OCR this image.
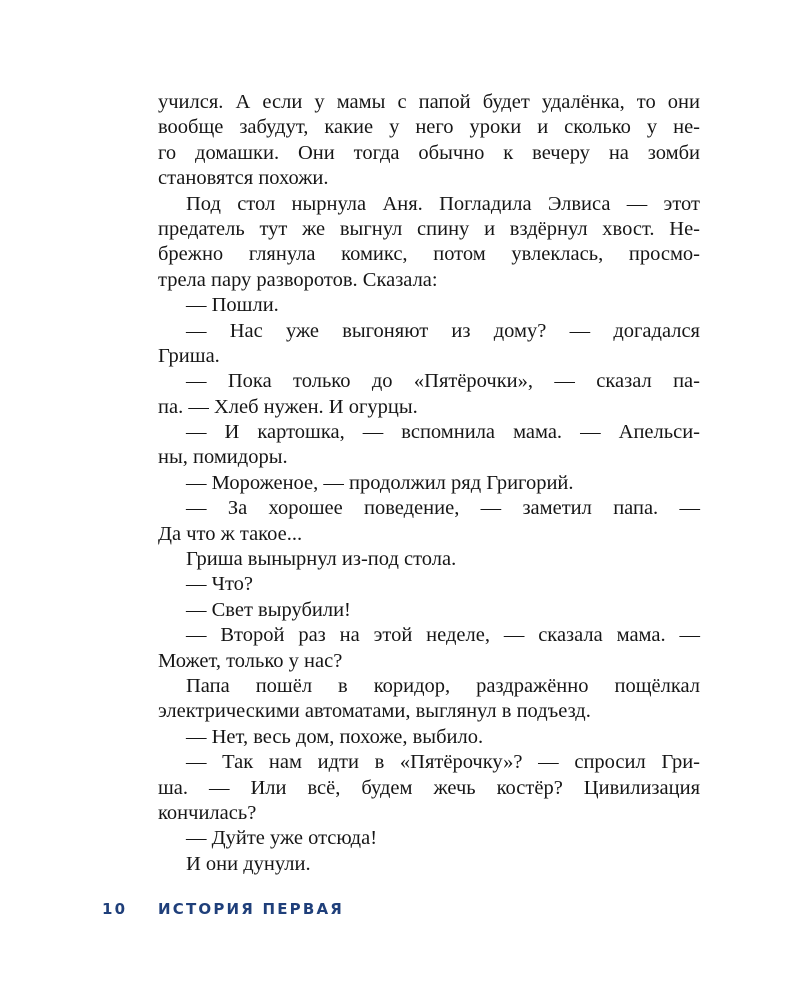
учился. А если у мамы с папой будет удалёнка, то они
вообще забудут, какие у него уроки и сколько у не-
го домашки. Они тогда обычно к вечеру на зомби
становятся похожи.
Под стол нырнула Аня. Погладила Элвиса — этот
предатель тут же выгнул спину и вздёрнул хвост. Не-
брежно глянула комикс, потом увлеклась, просмо-
трела пару разворотов. Сказала:
— Пошли.
— Нас уже выгоняют из дому? — догадался
Гриша.
— Пока только до «Пятёрочки», — сказал па-
па. — Хлеб нужен. И огурцы.
— И картошка, — вспомнила мама. — Апельси-
ны, помидоры.
— Мороженое, — продолжил ряд Григорий.
— За хорошее поведение, — заметил папа. —
Да что ж такое...
Гриша вынырнул из-под стола.
— Что?
— Свет вырубили!
— Второй раз на этой неделе, — сказала мама. —
Может, только у нас?
Папа пошёл в коридор, раздражённо пощёлкал
электрическими автоматами, выглянул в подъезд.
— Нет, весь дом, похоже, выбило.
— Так нам идти в «Пятёрочку»? — спросил Гри-
ша. — Или всё, будем жечь костёр? Цивилизация
кончилась?
— Дуйте уже отсюда!
И они дунули.
10 ИСТОРИЯ ПЕРВАЯ
